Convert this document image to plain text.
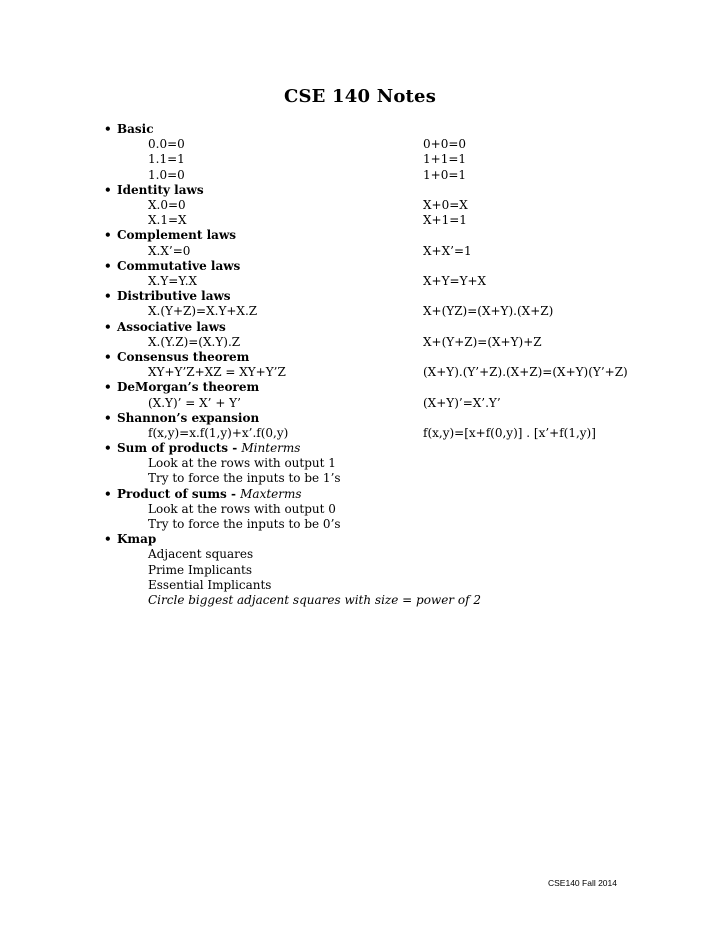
CSE 140 Notes
• Basic
0.0=0	0+0=0
1.1=1	1+1=1
1.0=0	1+0=1
• Identity laws
X.0=0	X+0=X
X.1=X	X+1=1
• Complement laws
X.X’=0	X+X’=1
• Commutative laws
X.Y=Y.X	X+Y=Y+X
• Distributive laws
X.(Y+Z)=X.Y+X.Z	X+(YZ)=(X+Y).(X+Z)
• Associative laws
X.(Y.Z)=(X.Y).Z	X+(Y+Z)=(X+Y)+Z
• Consensus theorem
XY+Y’Z+XZ = XY+Y’Z	(X+Y).(Y’+Z).(X+Z)=(X+Y)(Y’+Z)
• DeMorgan’s theorem
(X.Y)’ = X’ + Y’	(X+Y)’=X’.Y’
• Shannon’s expansion
f(x,y)=x.f(1,y)+x’.f(0,y)	f(x,y)=[x+f(0,y)] . [x’+f(1,y)]
• Sum of products - Minterms
Look at the rows with output 1
Try to force the inputs to be 1’s
• Product of sums - Maxterms
Look at the rows with output 0
Try to force the inputs to be 0’s
• Kmap
Adjacent squares
Prime Implicants
Essential Implicants
Circle biggest adjacent squares with size = power of 2
CSE140 Fall 2014
